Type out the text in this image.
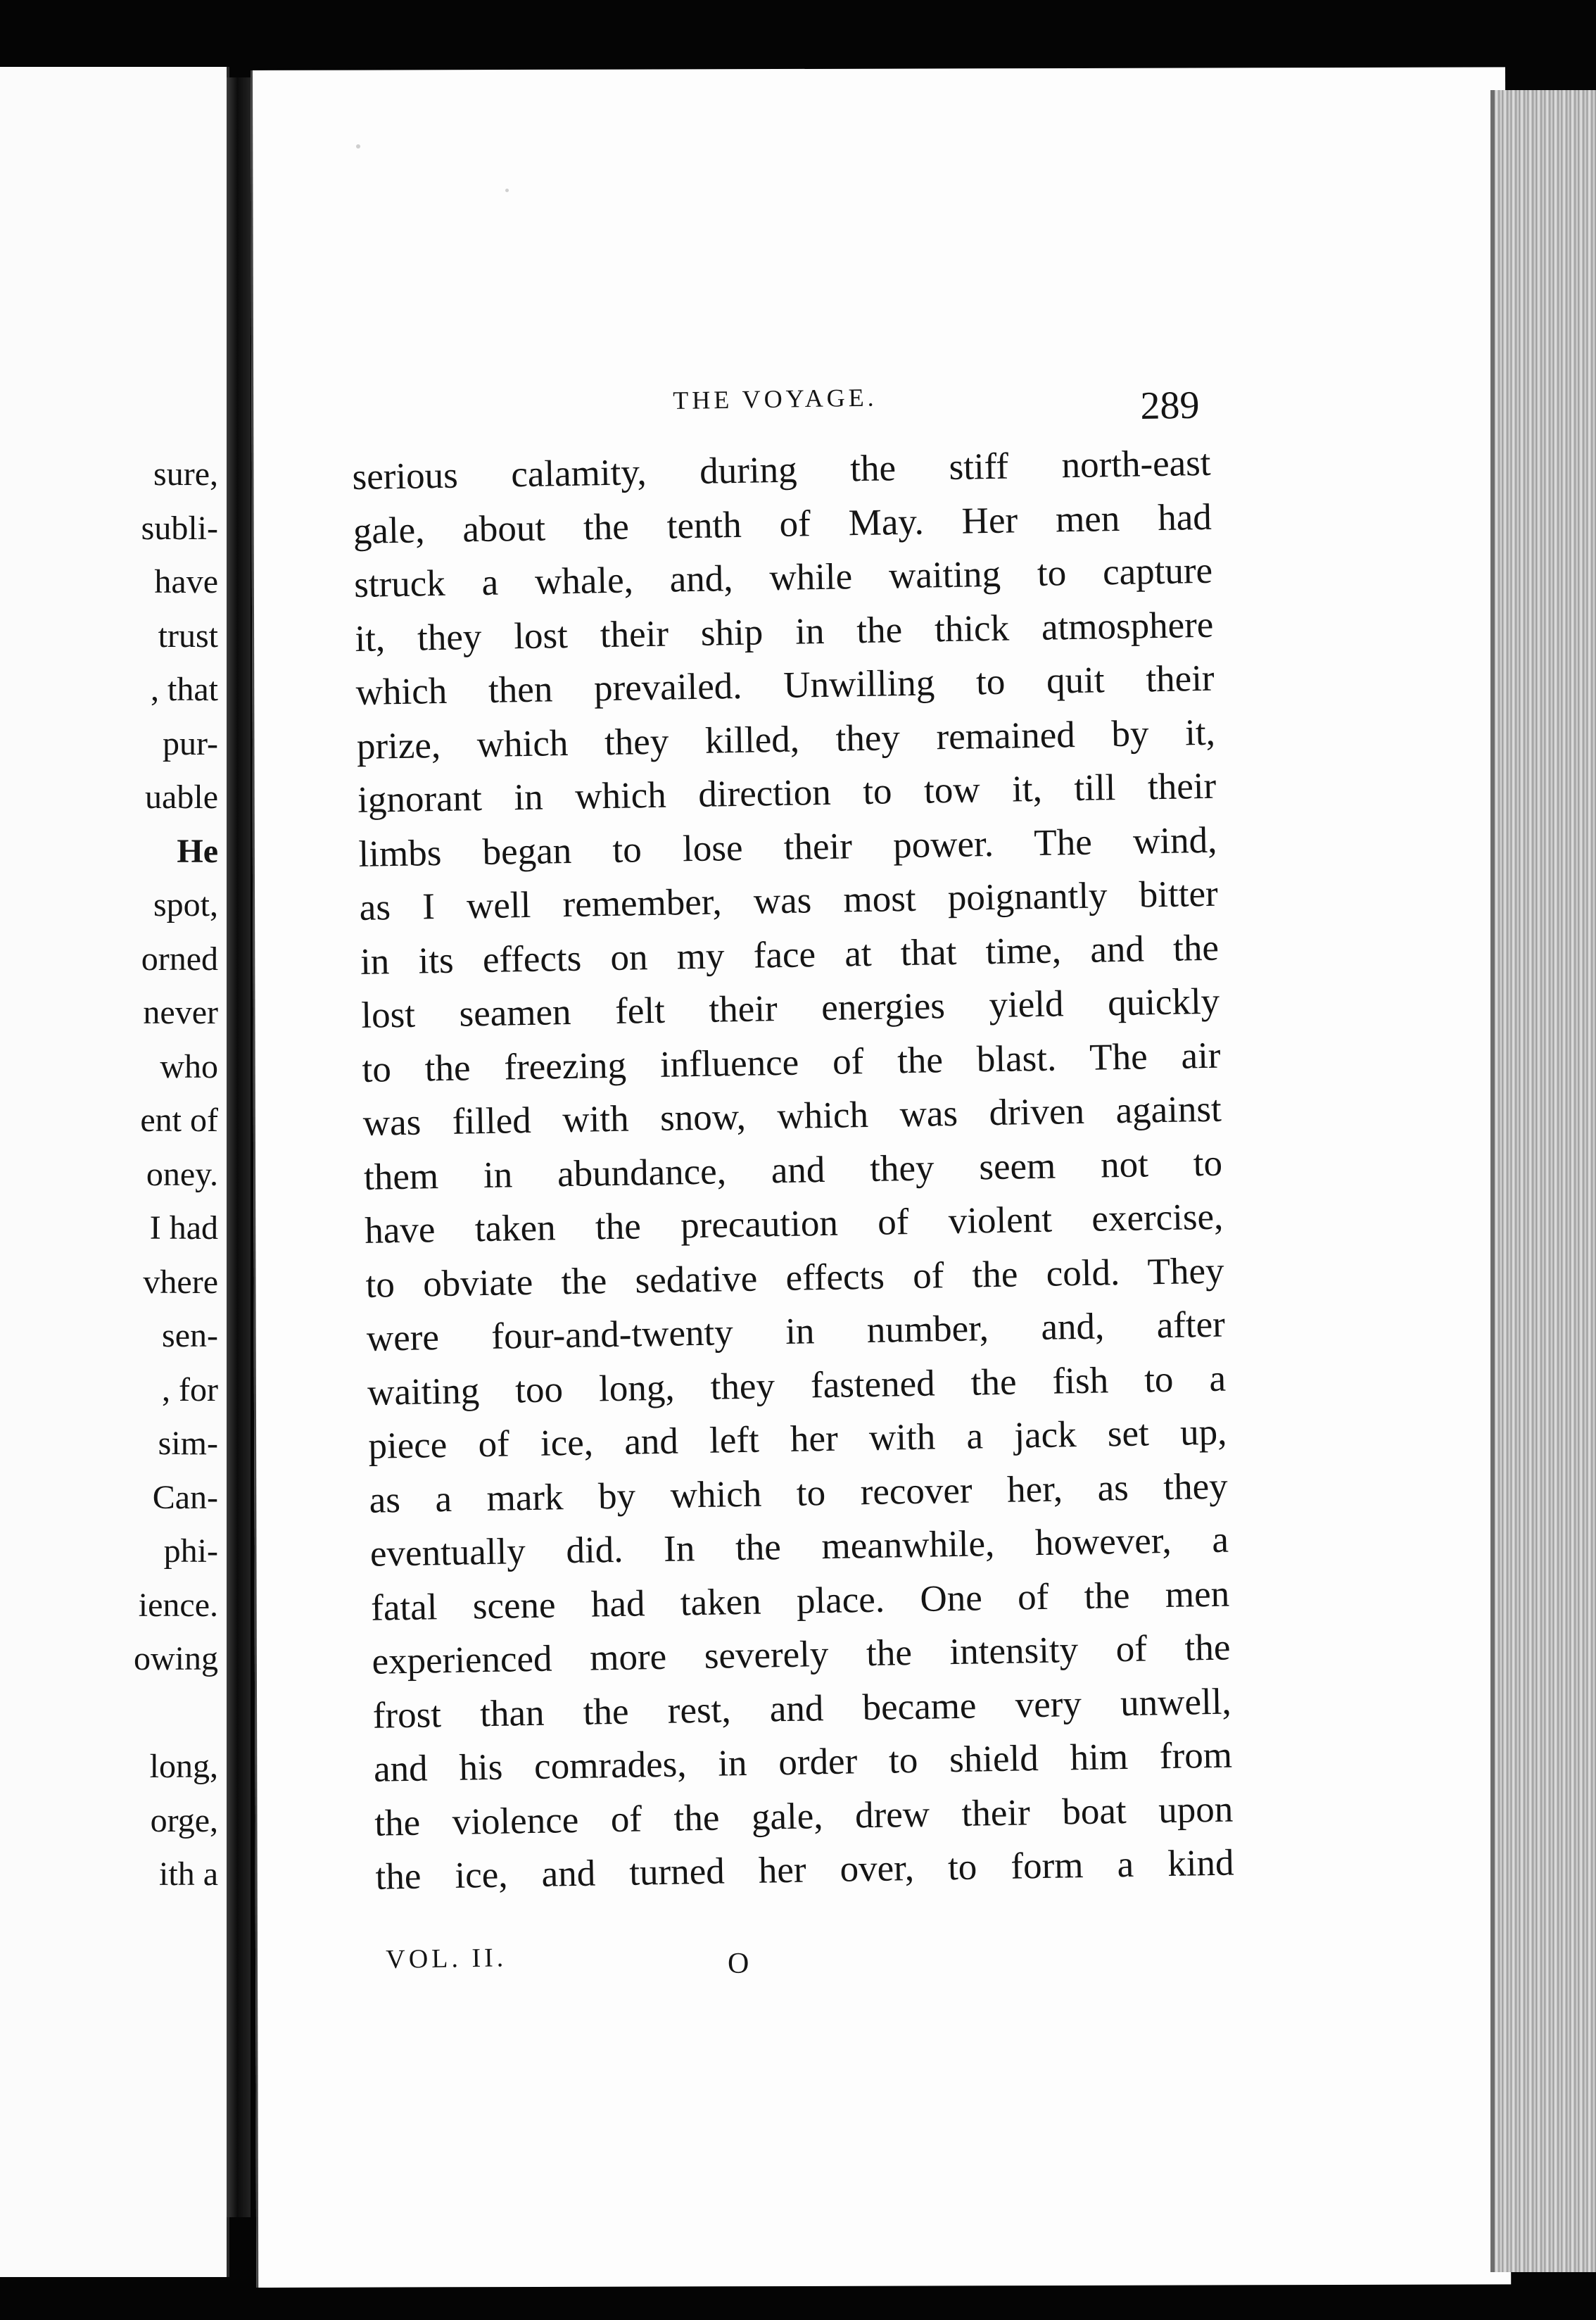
sure,
subli-
have
trust
, that
pur-
uable
He
spot,
orned
never
who
ent of
oney.
I had
vhere
sen-
, for
sim-
Can-
phi-
ience.
owing
long,
orge,
ith a
THE VOYAGE.	289
serious calamity, during the stiff north-east
gale, about the tenth of May. Her men had
struck a whale, and, while waiting to capture
it, they lost their ship in the thick atmosphere
which then prevailed. Unwilling to quit their
prize, which they killed, they remained by it,
ignorant in which direction to tow it, till their
limbs began to lose their power. The wind,
as I well remember, was most poignantly bitter
in its effects on my face at that time, and the
lost seamen felt their energies yield quickly
to the freezing influence of the blast. The air
was filled with snow, which was driven against
them in abundance, and they seem not to
have taken the precaution of violent exercise,
to obviate the sedative effects of the cold. They
were four-and-twenty in number, and, after
waiting too long, they fastened the fish to a
piece of ice, and left her with a jack set up,
as a mark by which to recover her, as they
eventually did. In the meanwhile, however, a
fatal scene had taken place. One of the men
experienced more severely the intensity of the
frost than the rest, and became very unwell,
and his comrades, in order to shield him from
the violence of the gale, drew their boat upon
the ice, and turned her over, to form a kind
VOL. II.	O
